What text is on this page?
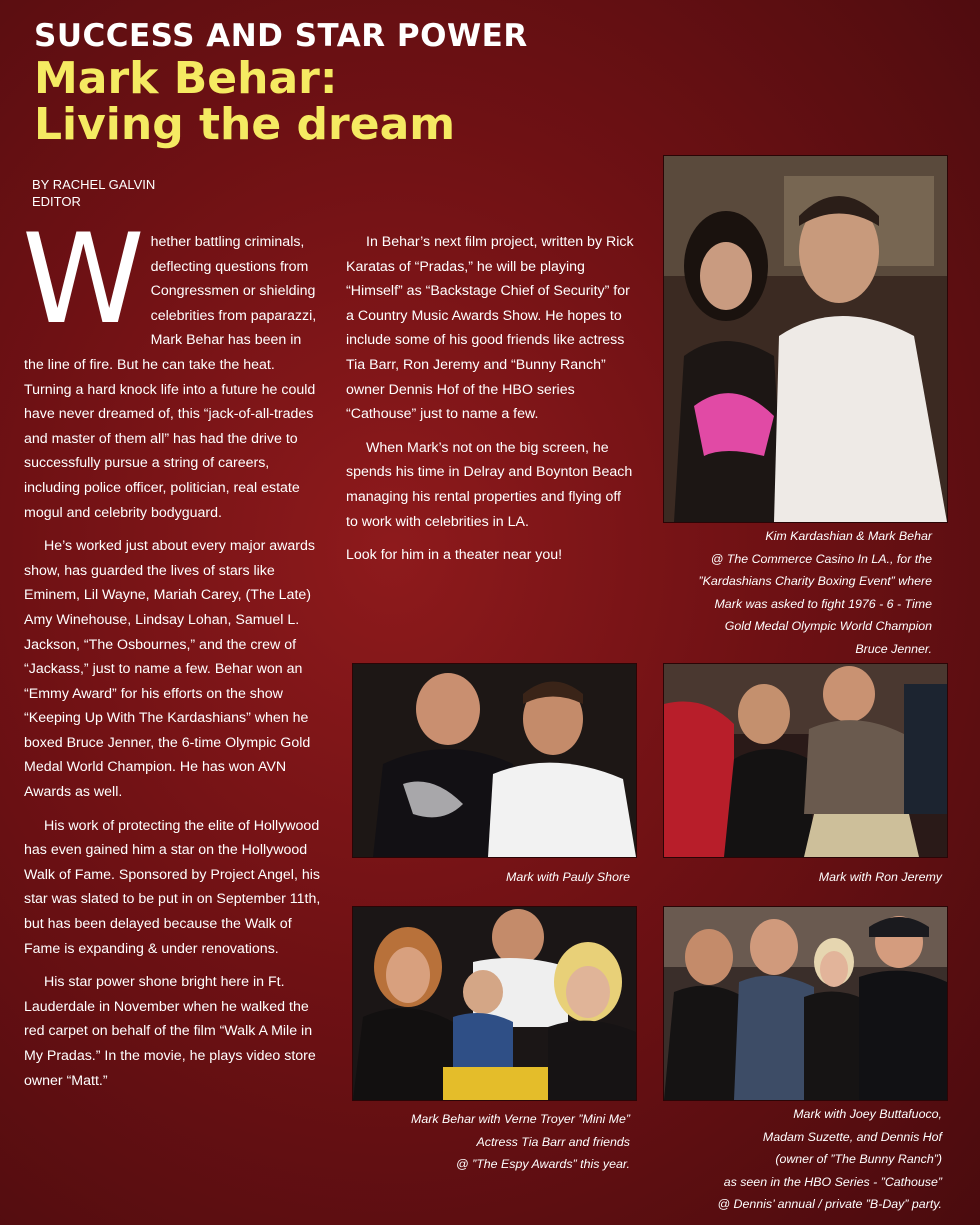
SUCCESS AND STAR POWER
Mark Behar:
Living the dream
BY RACHEL GALVIN
EDITOR

Whether battling criminals, deflecting questions from Congressmen or shielding celebrities from paparazzi, Mark Behar has been in the line of fire. But he can take the heat. Turning a hard knock life into a future he could have never dreamed of, this “jack-of-all-trades and master of them all” has had the drive to successfully pursue a string of careers, including police officer, politician, real estate mogul and celebrity bodyguard.

He’s worked just about every major awards show, has guarded the lives of stars like Eminem, Lil Wayne, Mariah Carey, (The Late) Amy Winehouse, Lindsay Lohan, Samuel L. Jackson, “The Osbournes,” and the crew of “Jackass,” just to name a few. Behar won an “Emmy Award” for his efforts on the show “Keeping Up With The Kardashians” when he boxed Bruce Jenner, the 6-time Olympic Gold Medal World Champion. He has won AVN Awards as well.

His work of protecting the elite of Hollywood has even gained him a star on the Hollywood Walk of Fame. Sponsored by Project Angel, his star was slated to be put in on September 11th, but has been delayed because the Walk of Fame is expanding & under renovations.

His star power shone bright here in Ft. Lauderdale in November when he walked the red carpet on behalf of the film “Walk A Mile in My Pradas.” In the movie, he plays video store owner “Matt.”

In Behar’s next film project, written by Rick Karatas of “Pradas,” he will be playing “Himself” as “Backstage Chief of Security” for a Country Music Awards Show. He hopes to include some of his good friends like actress Tia Barr, Ron Jeremy and “Bunny Ranch” owner Dennis Hof of the HBO series “Cathouse” just to name a few.

When Mark’s not on the big screen, he spends his time in Delray and Boynton Beach managing his rental properties and flying off to work with celebrities in LA.

Look for him in a theater near you!

Kim Kardashian & Mark Behar
@ The Commerce Casino In LA., for the
”Kardashians Charity Boxing Event” where
Mark was asked to fight 1976 - 6 - Time
Gold Medal Olympic World Champion
Bruce Jenner.
Mark with Pauly Shore	Mark with Ron Jeremy
Mark Behar with Verne Troyer ”Mini Me”
Actress Tia Barr and friends
@ ”The Espy Awards” this year.
Mark with Joey Buttafuoco,
Madam Suzette, and Dennis Hof
(owner of ”The Bunny Ranch”)
as seen in the HBO Series - ”Cathouse”
@ Dennis’ annual / private ”B-Day” party.
